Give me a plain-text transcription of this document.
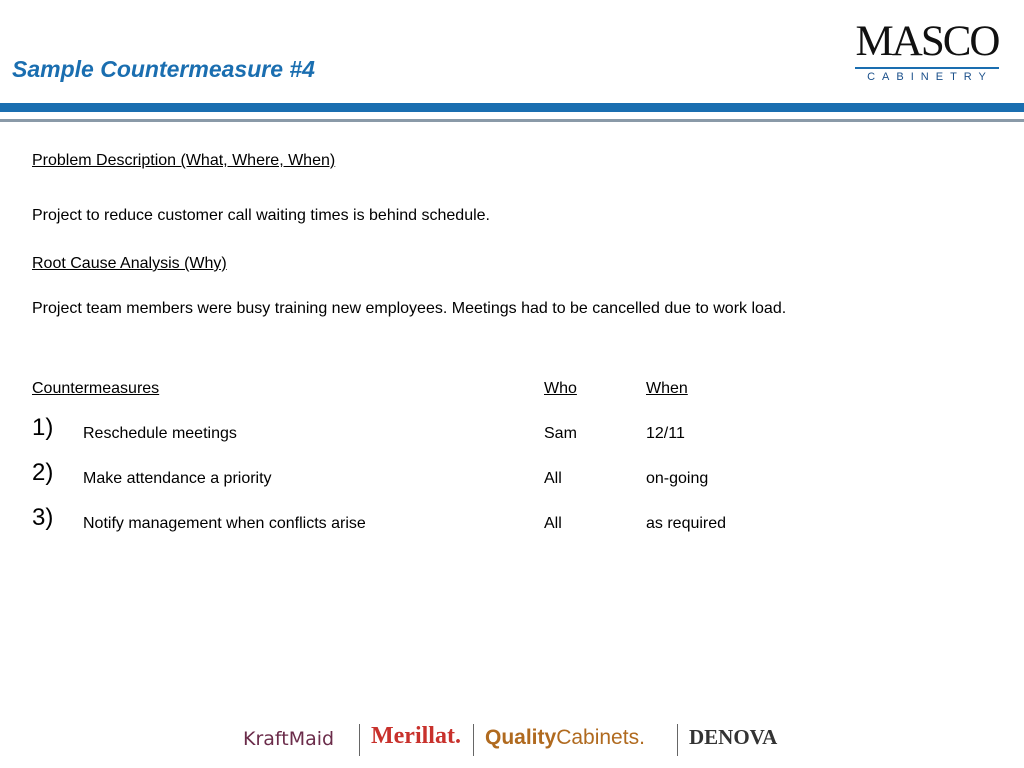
Sample Countermeasure #4
MASCO
CABINETRY

Problem Description (What, Where, When)

Project to reduce customer call waiting times is behind schedule.

Root Cause Analysis (Why)

Project team members were busy training new employees. Meetings had to be cancelled due to work load.

Countermeasures	Who	When
1) Reschedule meetings	Sam	12/11
2) Make attendance a priority	All	on-going
3) Notify management when conflicts arise	All	as required
KraftMaid Merillat. QualityCabinets. DENOVA
